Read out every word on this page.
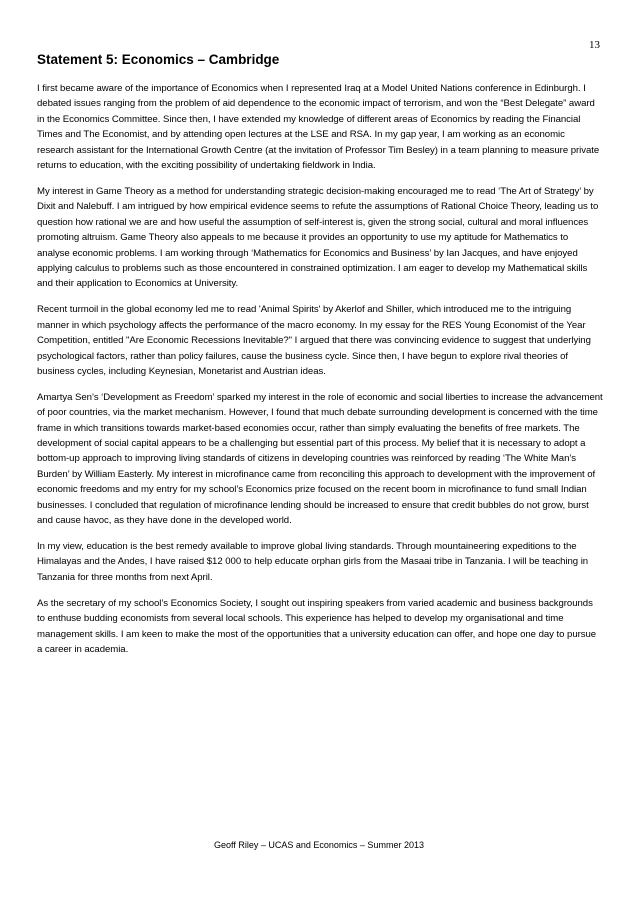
13
Statement 5: Economics – Cambridge

I first became aware of the importance of Economics when I represented Iraq at a Model United Nations conference in Edinburgh. I debated issues ranging from the problem of aid dependence to the economic impact of terrorism, and won the “Best Delegate” award in the Economics Committee. Since then, I have extended my knowledge of different areas of Economics by reading the Financial Times and The Economist, and by attending open lectures at the LSE and RSA. In my gap year, I am working as an economic research assistant for the International Growth Centre (at the invitation of Professor Tim Besley) in a team planning to measure private returns to education, with the exciting possibility of undertaking fieldwork in India.

My interest in Game Theory as a method for understanding strategic decision-making encouraged me to read ‘The Art of Strategy’ by Dixit and Nalebuff. I am intrigued by how empirical evidence seems to refute the assumptions of Rational Choice Theory, leading us to question how rational we are and how useful the assumption of self-interest is, given the strong social, cultural and moral influences promoting altruism. Game Theory also appeals to me because it provides an opportunity to use my aptitude for Mathematics to analyse economic problems. I am working through ‘Mathematics for Economics and Business’ by Ian Jacques, and have enjoyed applying calculus to problems such as those encountered in constrained optimization. I am eager to develop my Mathematical skills and their application to Economics at University.

Recent turmoil in the global economy led me to read 'Animal Spirits' by Akerlof and Shiller, which introduced me to the intriguing manner in which psychology affects the performance of the macro economy. In my essay for the RES Young Economist of the Year Competition, entitled "Are Economic Recessions Inevitable?" I argued that there was convincing evidence to suggest that underlying psychological factors, rather than policy failures, cause the business cycle. Since then, I have begun to explore rival theories of business cycles, including Keynesian, Monetarist and Austrian ideas.

Amartya Sen’s ‘Development as Freedom’ sparked my interest in the role of economic and social liberties to increase the advancement of poor countries, via the market mechanism. However, I found that much debate surrounding development is concerned with the time frame in which transitions towards market-based economies occur, rather than simply evaluating the benefits of free markets. The development of social capital appears to be a challenging but essential part of this process. My belief that it is necessary to adopt a bottom-up approach to improving living standards of citizens in developing countries was reinforced by reading ‘The White Man’s Burden’ by William Easterly. My interest in microfinance came from reconciling this approach to development with the improvement of economic freedoms and my entry for my school’s Economics prize focused on the recent boom in microfinance to fund small Indian businesses. I concluded that regulation of microfinance lending should be increased to ensure that credit bubbles do not grow, burst and cause havoc, as they have done in the developed world.

In my view, education is the best remedy available to improve global living standards. Through mountaineering expeditions to the Himalayas and the Andes, I have raised $12 000 to help educate orphan girls from the Masaai tribe in Tanzania. I will be teaching in Tanzania for three months from next April.

As the secretary of my school’s Economics Society, I sought out inspiring speakers from varied academic and business backgrounds to enthuse budding economists from several local schools. This experience has helped to develop my organisational and time management skills. I am keen to make the most of the opportunities that a university education can offer, and hope one day to pursue a career in academia.

Geoff Riley – UCAS and Economics – Summer 2013
